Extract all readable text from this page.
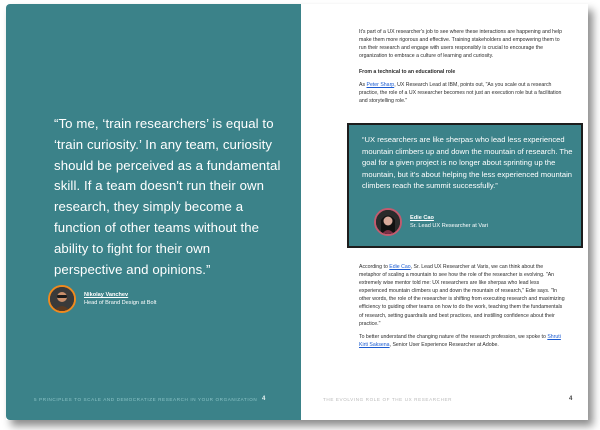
“To me, ‘train researchers’ is equal to ‘train curiosity.’ In any team, curiosity should be perceived as a fundamental skill. If a team doesn't run their own research, they simply become a function of other teams without the ability to fight for their own perspective and opinions.”
Nikolay Vanchev
Head of Brand Design at Bolt
5 PRINCIPLES TO SCALE AND DEMOCRATIZE RESEARCH IN YOUR ORGANIZATION 4
It's part of a UX researcher's job to see where these interactions are happening and help make them more rigorous and effective. Training stakeholders and empowering them to run their research and engage with users responsibly is crucial to encourage the organization to embrace a culture of learning and curiosity.
From a technical to an educational role
As Peter Sharp, UX Research Lead at IBM, points out, "As you scale out a research practice, the role of a UX researcher becomes not just an execution role but a facilitation and storytelling role."
“UX researchers are like sherpas who lead less experienced mountain climbers up and down the mountain of research. The goal for a given project is no longer about sprinting up the mountain, but it's about helping the less experienced mountain climbers reach the summit successfully.”
Edie Cao
Sr. Lead UX Researcher at Vari
According to Edie Cao, Sr. Lead UX Researcher at Varis, we can think about the metaphor of scaling a mountain to see how the role of the researcher is evolving. "An extremely wise mentor told me: UX researchers are like sherpas who lead less experienced mountain climbers up and down the mountain of research," Edie says. "In other words, the role of the researcher is shifting from executing research and maximizing efficiency to guiding other teams on how to do the work, teaching them the fundamentals of research, setting guardrails and best practices, and instilling confidence about their practice."
To better understand the changing nature of the research profession, we spoke to Shruti Kirti Saksena, Senior User Experience Researcher at Adobe.
THE EVOLVING ROLE OF THE UX RESEARCHER	4
